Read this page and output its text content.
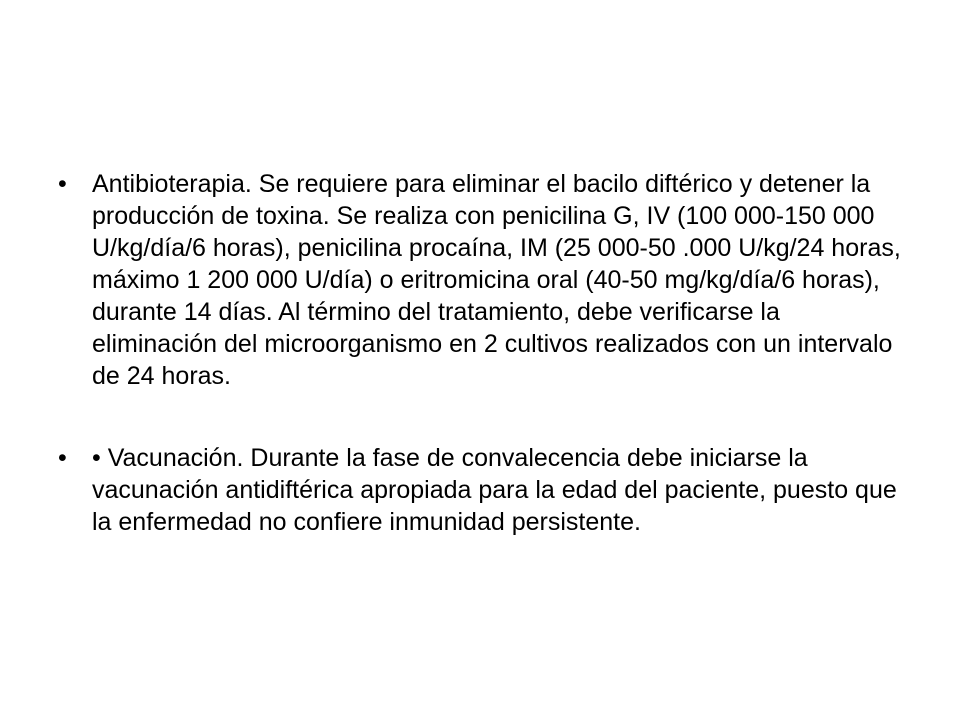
•	Antibioterapia. Se requiere para eliminar el bacilo diftérico y detener la producción de toxina. Se realiza con penicilina G, IV (100 000-150 000 U/kg/día/6 horas), penicilina procaína, IM (25 000-50 .000 U/kg/24 horas, máximo 1 200 000 U/día) o eritromicina oral (40-50 mg/kg/día/6 horas), durante 14 días. Al término del tratamiento, debe verificarse la eliminación del microorganismo en 2 cultivos realizados con un intervalo de 24 horas.
•	• Vacunación. Durante la fase de convalecencia debe iniciarse la vacunación antidiftérica apropiada para la edad del paciente, puesto que la enfermedad no confiere inmunidad persistente.
